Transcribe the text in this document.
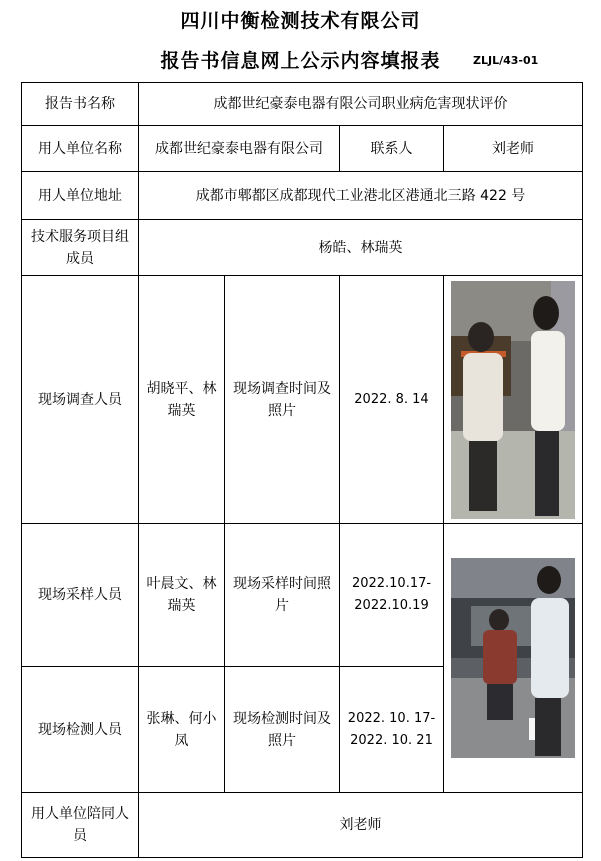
四川中衡检测技术有限公司
报告书信息网上公示内容填报表	ZLJL/43-01
报告书名称	成都世纪豪泰电器有限公司职业病危害现状评价			
用人单位名称	成都世纪豪泰电器有限公司		联系人	刘老师
用人单位地址	成都市郫都区成都现代工业港北区港通北三路 422 号			
技术服务项目组成员	杨皓、林瑞英			
现场调查人员	胡晓平、林瑞英	现场调查时间及照片	2022. 8. 14	

现场采样人员	叶晨文、林瑞英	现场采样时间照片	2022.10.17-2022.10.19	

现场检测人员	张琳、何小凤	现场检测时间及照片	2022. 10. 17-2022. 10. 21	
用人单位陪同人员	刘老师			
